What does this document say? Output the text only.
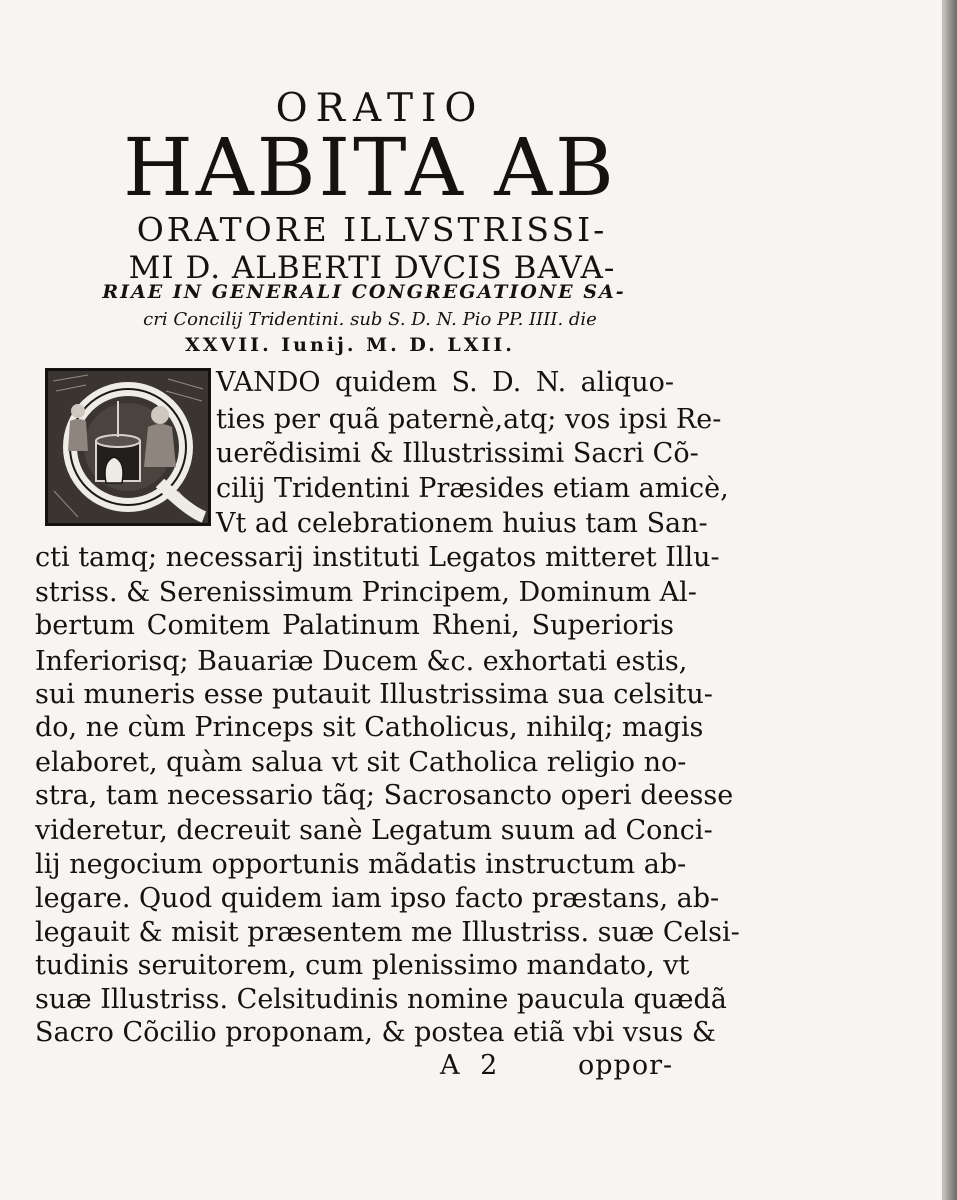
ORATIO

HABITA AB

ORATORE ILLVSTRISSI-

MI D. ALBERTI DVCIS BAVA-

RIAE IN GENERALI CONGREGATIONE SA-

cri Concilij Tridentini. sub S. D. N. Pio PP. IIII. die

XXVII. Iunij. M. D. LXII.

VANDO quidem S. D. N. aliquo-

ties per quã paternè,atq; vos ipsi Re-

uerẽdisimi & Illustrissimi Sacri Cõ-

cilij Tridentini Præsides etiam amicè,

Vt ad celebrationem huius tam San-

cti tamq; necessarij instituti Legatos mitteret Illu-

striss. & Serenissimum Principem, Dominum Al-

bertum Comitem Palatinum Rheni, Superioris

Inferiorisq; Bauariæ Ducem &c. exhortati estis,

sui muneris esse putauit Illustrissima sua celsitu-

do, ne cùm Princeps sit Catholicus, nihilq; magis

elaboret, quàm salua vt sit Catholica religio no-

stra, tam necessario tãq; Sacrosancto operi deesse

videretur, decreuit sanè Legatum suum ad Conci-

lij negocium opportunis mãdatis instructum ab-

legare. Quod quidem iam ipso facto præstans, ab-

legauit & misit præsentem me Illustriss. suæ Celsi-

tudinis seruitorem, cum plenissimo mandato, vt

suæ Illustriss. Celsitudinis nomine paucula quædã

Sacro Cõcilio proponam, & postea etiã vbi vsus &

A 2	oppor-
